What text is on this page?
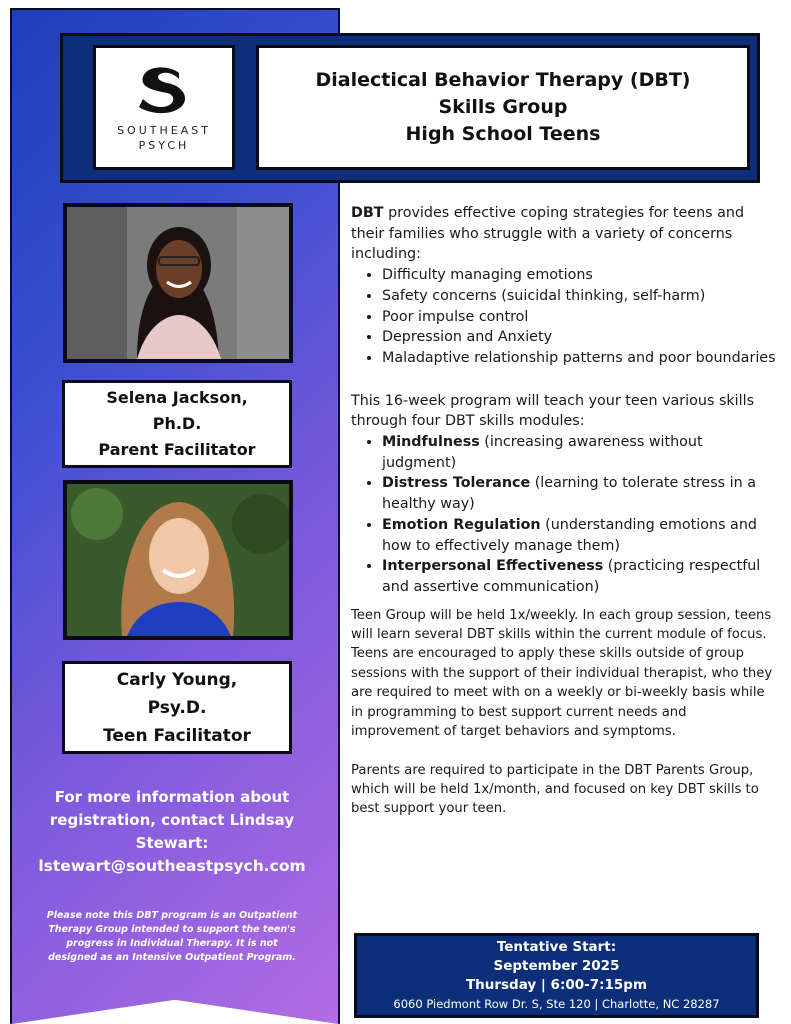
SOUTHEAST
PSYCH
Dialectical Behavior Therapy (DBT)
Skills Group
High School Teens
Selena Jackson,
Ph.D.
Parent Facilitator
Carly Young,
Psy.D.
Teen Facilitator
For more information about
registration, contact Lindsay
Stewart:
lstewart@southeastpsych.com
Please note this DBT program is an Outpatient
Therapy Group intended to support the teen's
progress in Individual Therapy. It is not
designed as an Intensive Outpatient Program.

DBT provides effective coping strategies for teens and their families who struggle with a variety of concerns including:

• Difficulty managing emotions
• Safety concerns (suicidal thinking, self-harm)
• Poor impulse control
• Depression and Anxiety
• Maladaptive relationship patterns and poor boundaries

This 16-week program will teach your teen various skills through four DBT skills modules:

• Mindfulness (increasing awareness without judgment)
• Distress Tolerance (learning to tolerate stress in a healthy way)
• Emotion Regulation (understanding emotions and how to effectively manage them)
• Interpersonal Effectiveness (practicing respectful and assertive communication)

Teen Group will be held 1x/weekly. In each group session, teens will learn several DBT skills within the current module of focus. Teens are encouraged to apply these skills outside of group sessions with the support of their individual therapist, who they are required to meet with on a weekly or bi-weekly basis while in programming to best support current needs and improvement of target behaviors and symptoms.

Parents are required to participate in the DBT Parents Group, which will be held 1x/month, and focused on key DBT skills to best support your teen.

Tentative Start:
September 2025
Thursday | 6:00-7:15pm
6060 Piedmont Row Dr. S, Ste 120 | Charlotte, NC 28287
